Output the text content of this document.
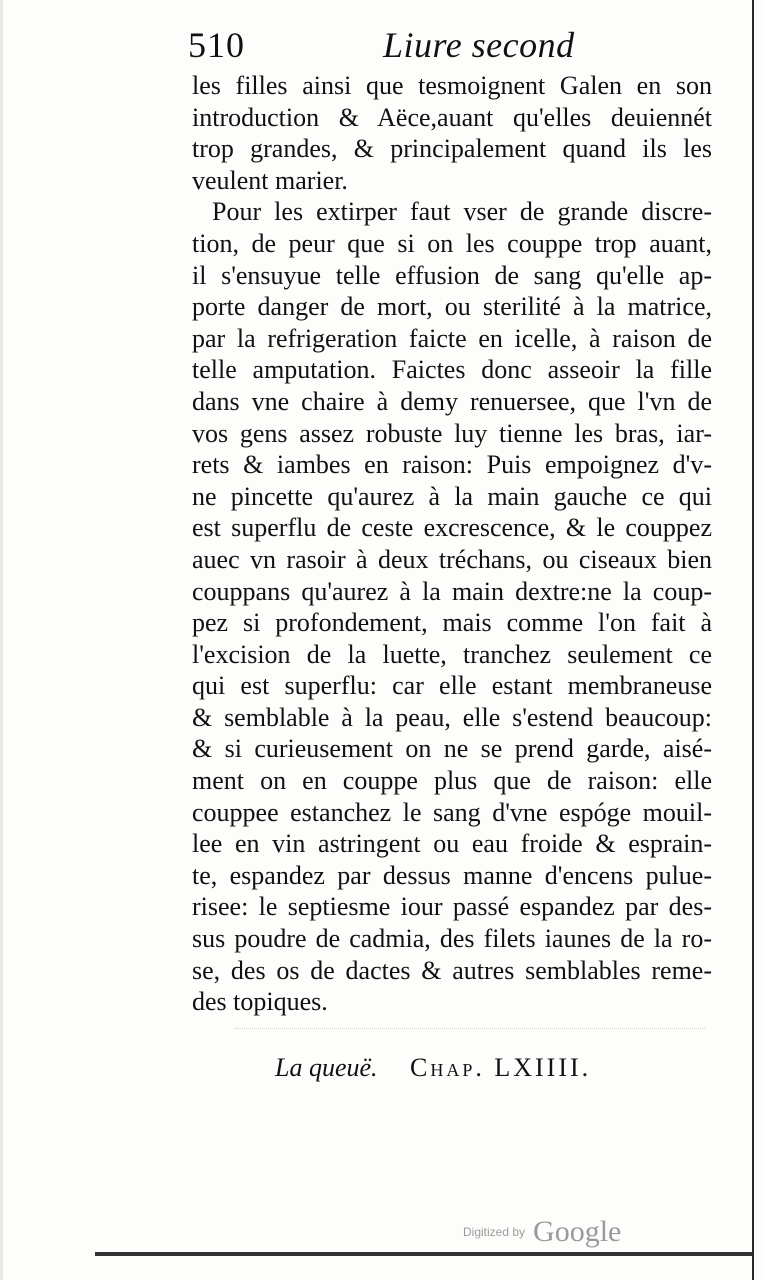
510	Liure second
les filles ainsi que tesmoignent Galen en son
introduction & Aëce,auant qu'elles deuiennét
trop grandes, & principalement quand ils les
veulent marier.
Pour les extirper faut vser de grande discre-
tion, de peur que si on les couppe trop auant,
il s'ensuyue telle effusion de sang qu'elle ap-
porte danger de mort, ou sterilité à la matrice,
par la refrigeration faicte en icelle, à raison de
telle amputation. Faictes donc asseoir la fille
dans vne chaire à demy renuersee, que l'vn de
vos gens assez robuste luy tienne les bras, iar-
rets & iambes en raison: Puis empoignez d'v-
ne pincette qu'aurez à la main gauche ce qui
est superflu de ceste excrescence, & le couppez
auec vn rasoir à deux tréchans, ou ciseaux bien
couppans qu'aurez à la main dextre:ne la coup-
pez si profondement, mais comme l'on fait à
l'excision de la luette, tranchez seulement ce
qui est superflu: car elle estant membraneuse
& semblable à la peau, elle s'estend beaucoup:
& si curieusement on ne se prend garde, aisé-
ment on en couppe plus que de raison: elle
couppee estanchez le sang d'vne espóge mouil-
lee en vin astringent ou eau froide & esprain-
te, espandez par dessus manne d'encens pulue-
risee: le septiesme iour passé espandez par des-
sus poudre de cadmia, des filets iaunes de la ro-
se, des os de dactes & autres semblables reme-
des topiques.
La queuë. Chap. LXIIII.
Digitized by Google
